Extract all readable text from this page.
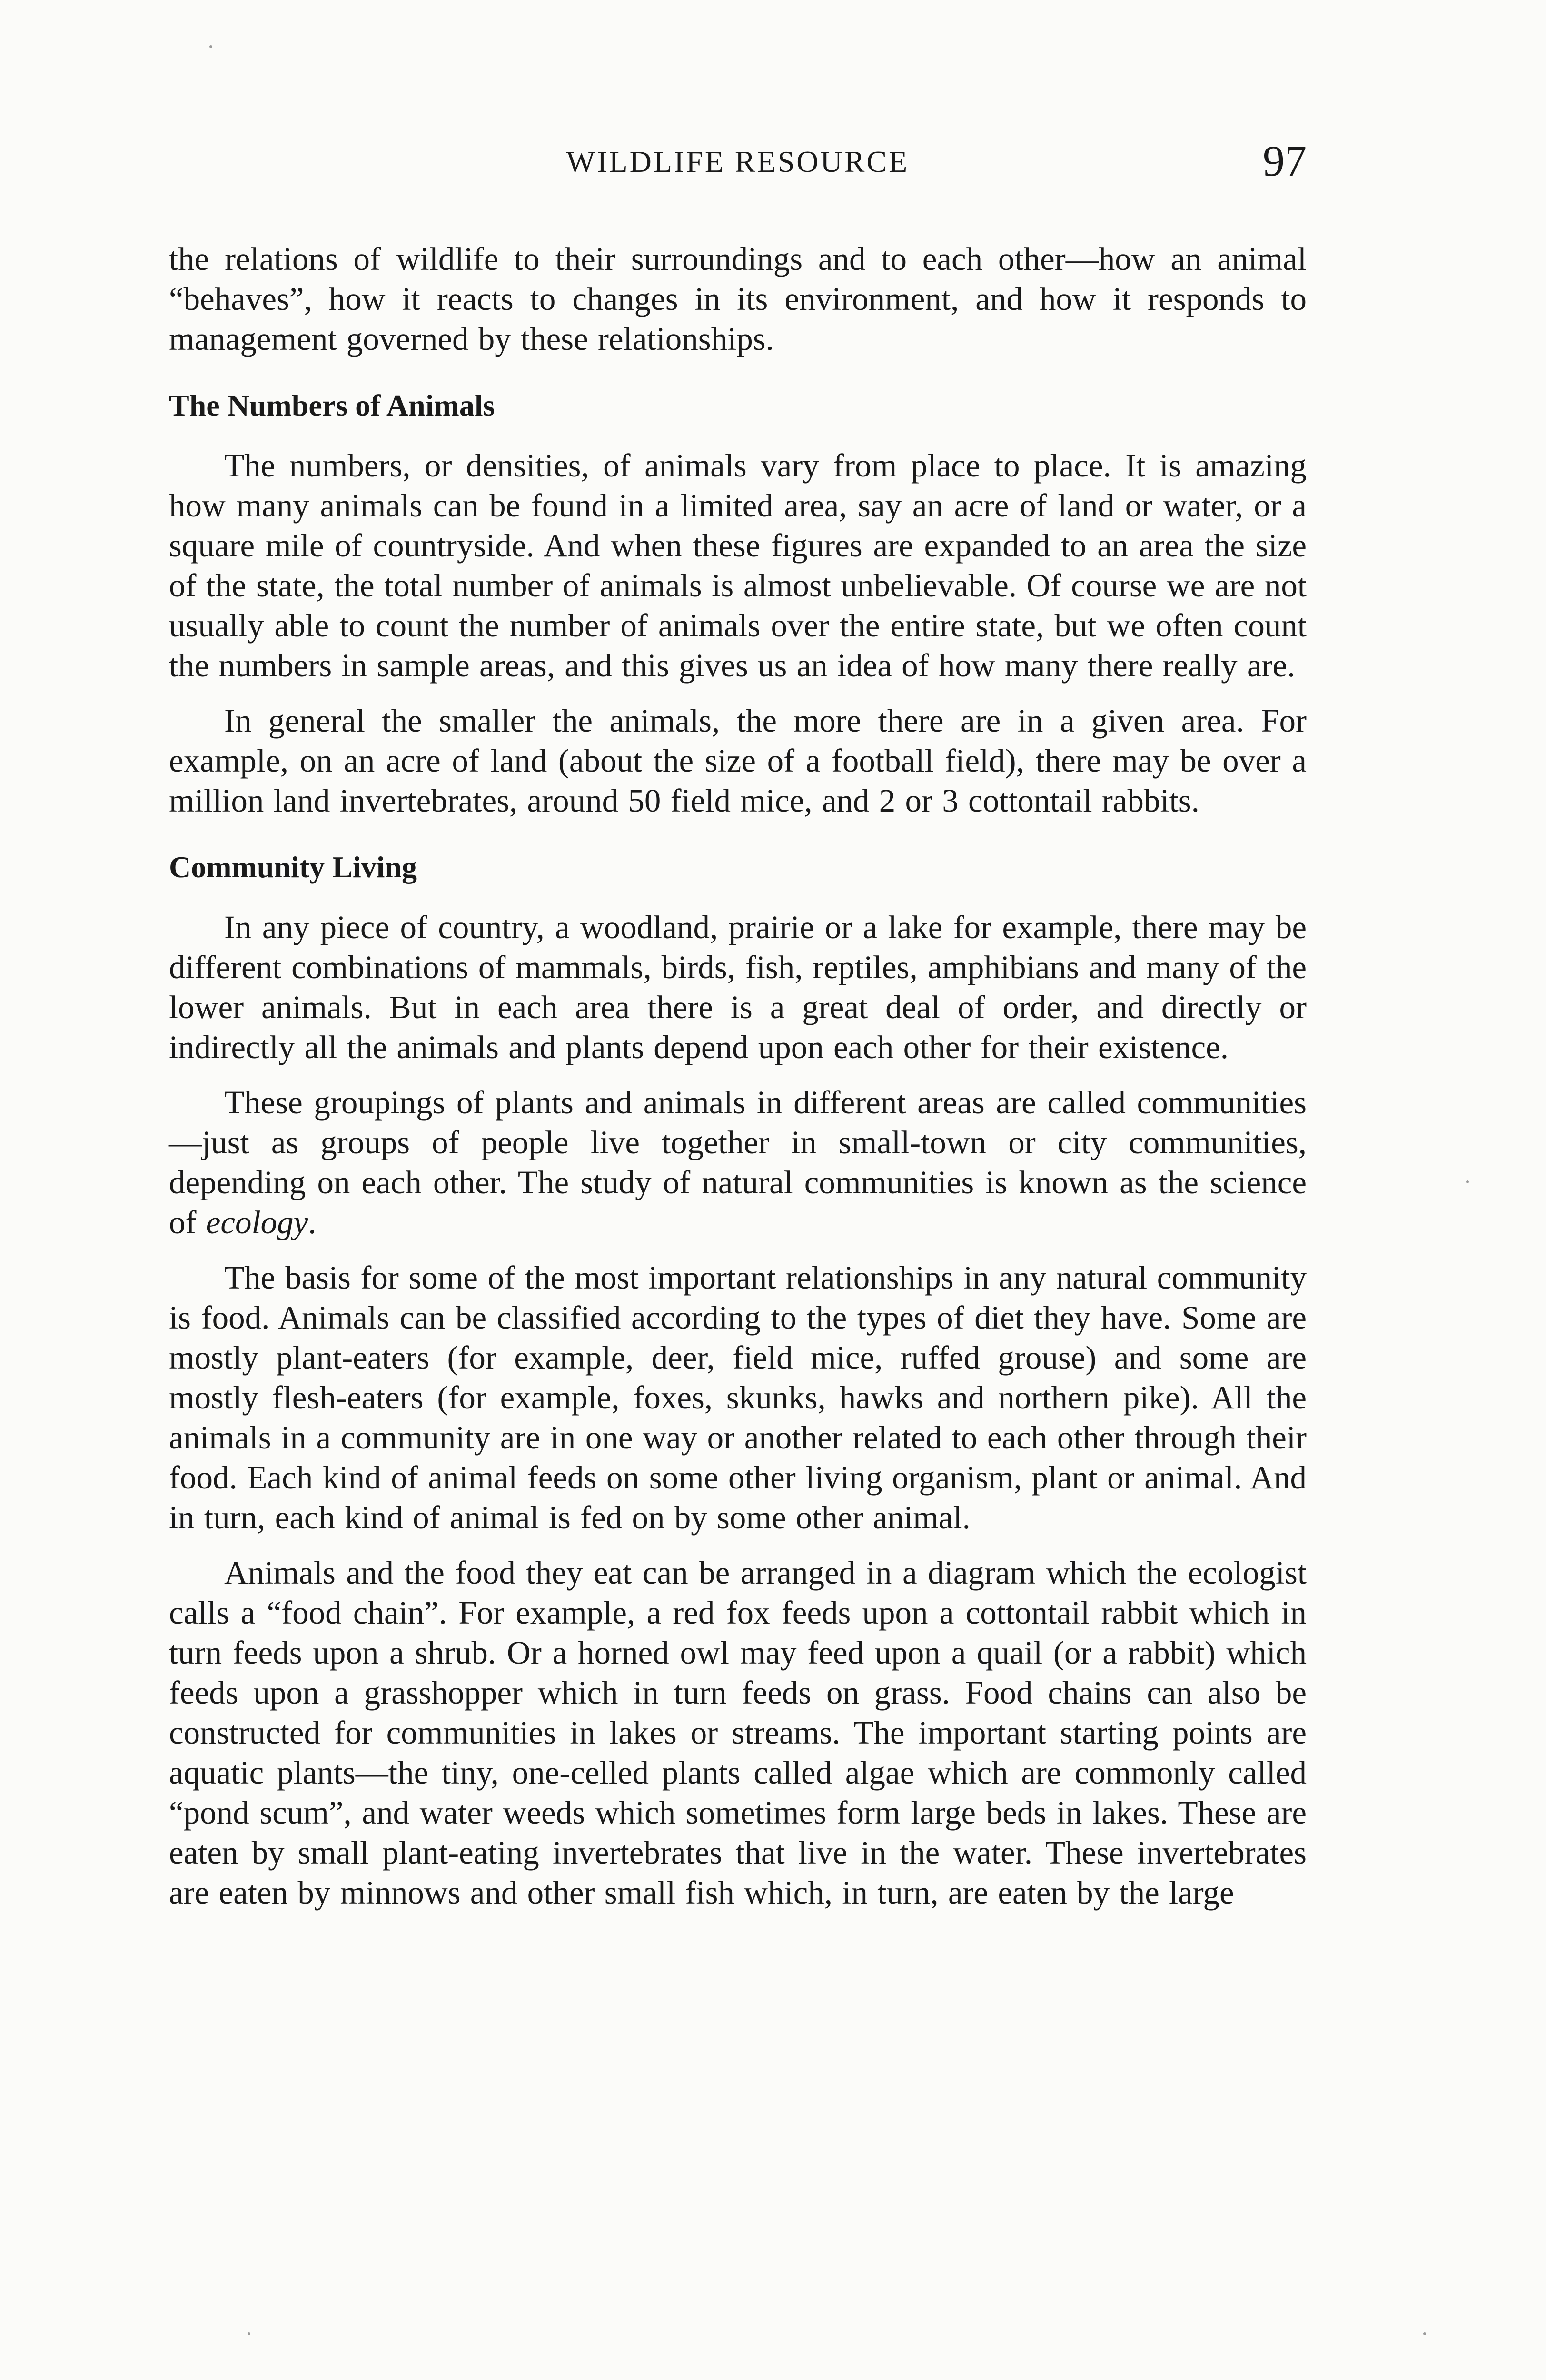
WILDLIFE RESOURCE	97

the relations of wildlife to their surroundings and to each other—how an animal “behaves”, how it reacts to changes in its environment, and how it responds to management governed by these relationships.

The Numbers of Animals

The numbers, or densities, of animals vary from place to place. It is amazing how many animals can be found in a limited area, say an acre of land or water, or a square mile of countryside. And when these figures are expanded to an area the size of the state, the total number of animals is almost unbelievable. Of course we are not usually able to count the number of animals over the entire state, but we often count the numbers in sample areas, and this gives us an idea of how many there really are.

In general the smaller the animals, the more there are in a given area. For example, on an acre of land (about the size of a football field), there may be over a million land invertebrates, around 50 field mice, and 2 or 3 cottontail rabbits.

Community Living

In any piece of country, a woodland, prairie or a lake for example, there may be different combinations of mammals, birds, fish, reptiles, amphibians and many of the lower animals. But in each area there is a great deal of order, and directly or indirectly all the animals and plants depend upon each other for their existence.

These groupings of plants and animals in different areas are called communities—just as groups of people live together in small-town or city communities, depending on each other. The study of natural communities is known as the science of ecology.

The basis for some of the most important relationships in any natural community is food. Animals can be classified according to the types of diet they have. Some are mostly plant-eaters (for example, deer, field mice, ruffed grouse) and some are mostly flesh-eaters (for example, foxes, skunks, hawks and northern pike). All the animals in a community are in one way or another related to each other through their food. Each kind of animal feeds on some other living organism, plant or animal. And in turn, each kind of animal is fed on by some other animal.

Animals and the food they eat can be arranged in a diagram which the ecologist calls a “food chain”. For example, a red fox feeds upon a cottontail rabbit which in turn feeds upon a shrub. Or a horned owl may feed upon a quail (or a rabbit) which feeds upon a grasshopper which in turn feeds on grass. Food chains can also be constructed for communities in lakes or streams. The important starting points are aquatic plants—the tiny, one-celled plants called algae which are commonly called “pond scum”, and water weeds which sometimes form large beds in lakes. These are eaten by small plant-eating invertebrates that live in the water. These invertebrates are eaten by minnows and other small fish which, in turn, are eaten by the large
